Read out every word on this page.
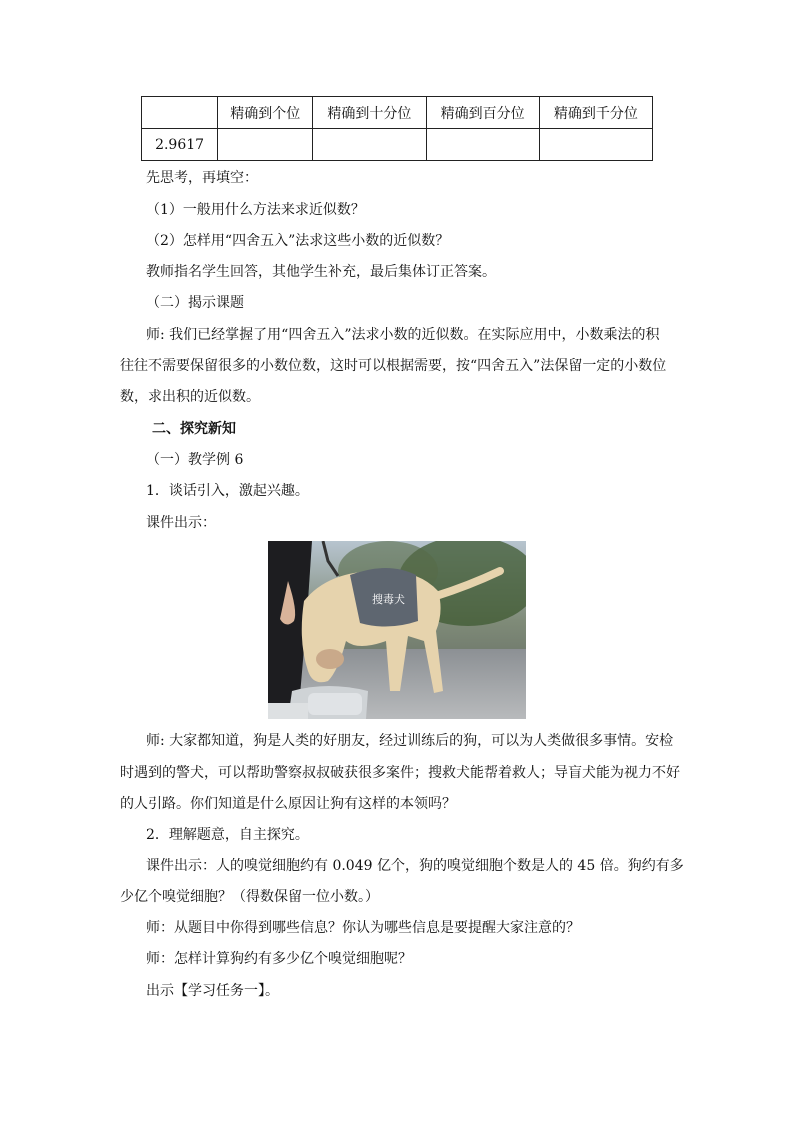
	精确到个位	精确到十分位	精确到百分位	精确到千分位
2.9617				
先思考，再填空：
（1）一般用什么方法来求近似数？
（2）怎样用“四舍五入”法求这些小数的近似数？
教师指名学生回答，其他学生补充，最后集体订正答案。
（二）揭示课题
师: 我们已经掌握了用“四舍五入”法求小数的近似数。在实际应用中，小数乘法的积
往往不需要保留很多的小数位数，这时可以根据需要，按“四舍五入”法保留一定的小数位
数，求出积的近似数。
二、探究新知
（一）教学例 6
1．谈话引入，激起兴趣。
课件出示：
搜毒犬
师: 大家都知道，狗是人类的好朋友，经过训练后的狗，可以为人类做很多事情。安检
时遇到的警犬，可以帮助警察叔叔破获很多案件；搜救犬能帮着救人；导盲犬能为视力不好
的人引路。你们知道是什么原因让狗有这样的本领吗？
2．理解题意，自主探究。
课件出示：人的嗅觉细胞约有 0.049 亿个，狗的嗅觉细胞个数是人的 45 倍。狗约有多
少亿个嗅觉细胞？（得数保留一位小数。）
师：从题目中你得到哪些信息？你认为哪些信息是要提醒大家注意的？
师：怎样计算狗约有多少亿个嗅觉细胞呢？
出示【学习任务一】。
